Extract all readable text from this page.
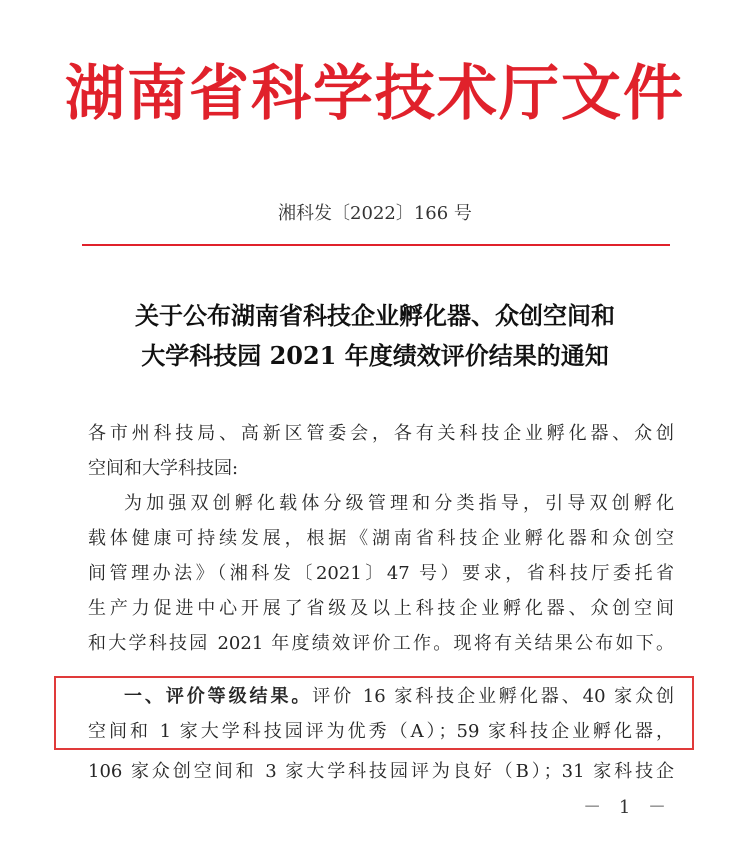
湖南省科学技术厅文件
湘科发〔2022〕166 号
关于公布湖南省科技企业孵化器、众创空间和
大学科技园 2021 年度绩效评价结果的通知
各市州科技局、高新区管委会，各有关科技企业孵化器、众创
空间和大学科技园:
为加强双创孵化载体分级管理和分类指导，引导双创孵化
载体健康可持续发展，根据《湖南省科技企业孵化器和众创空
间管理办法》（湘科发〔2021〕47 号）要求，省科技厅委托省
生产力促进中心开展了省级及以上科技企业孵化器、众创空间
和大学科技园 2021 年度绩效评价工作。现将有关结果公布如下。
一、评价等级结果。评价 16 家科技企业孵化器、40 家众创
空间和 1 家大学科技园评为优秀（A）；59 家科技企业孵化器，
106 家众创空间和 3 家大学科技园评为良好（B）；31 家科技企
－ 1 －
